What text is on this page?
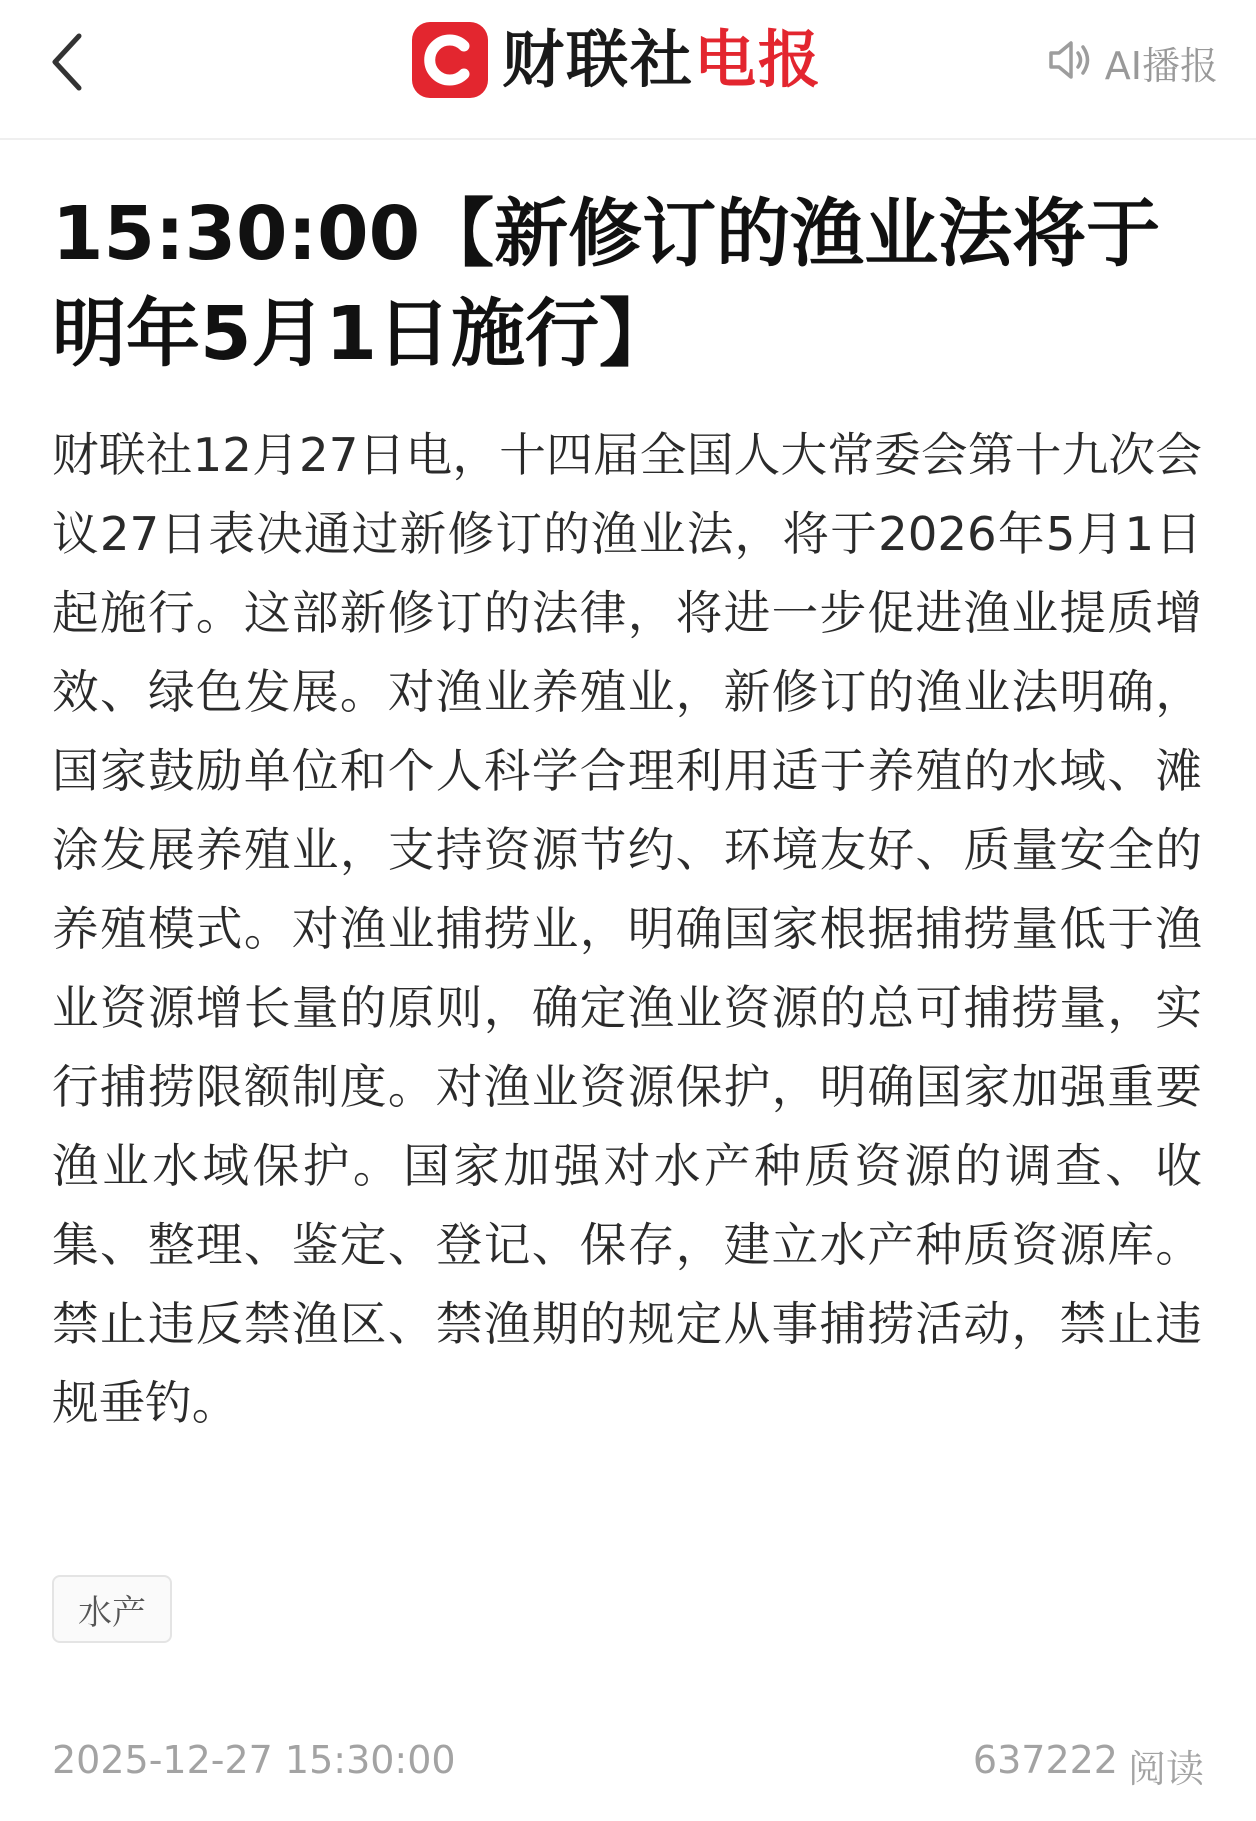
财联社电报	AI播报
15:30:00【新修订的渔业法将于明年5月1日施行】

财联社12月27日电，十四届全国人大常委会第十九次会议27日表决通过新修订的渔业法，将于2026年5月1日起施行。这部新修订的法律，将进一步促进渔业提质增效、绿色发展。对渔业养殖业，新修订的渔业法明确，国家鼓励单位和个人科学合理利用适于养殖的水域、滩涂发展养殖业，支持资源节约、环境友好、质量安全的养殖模式。对渔业捕捞业，明确国家根据捕捞量低于渔业资源增长量的原则，确定渔业资源的总可捕捞量，实行捕捞限额制度。对渔业资源保护，明确国家加强重要渔业水域保护。国家加强对水产种质资源的调查、收集、整理、鉴定、登记、保存，建立水产种质资源库。禁止违反禁渔区、禁渔期的规定从事捕捞活动，禁止违规垂钓。

水产
2025-12-27 15:30:00	637222 阅读
